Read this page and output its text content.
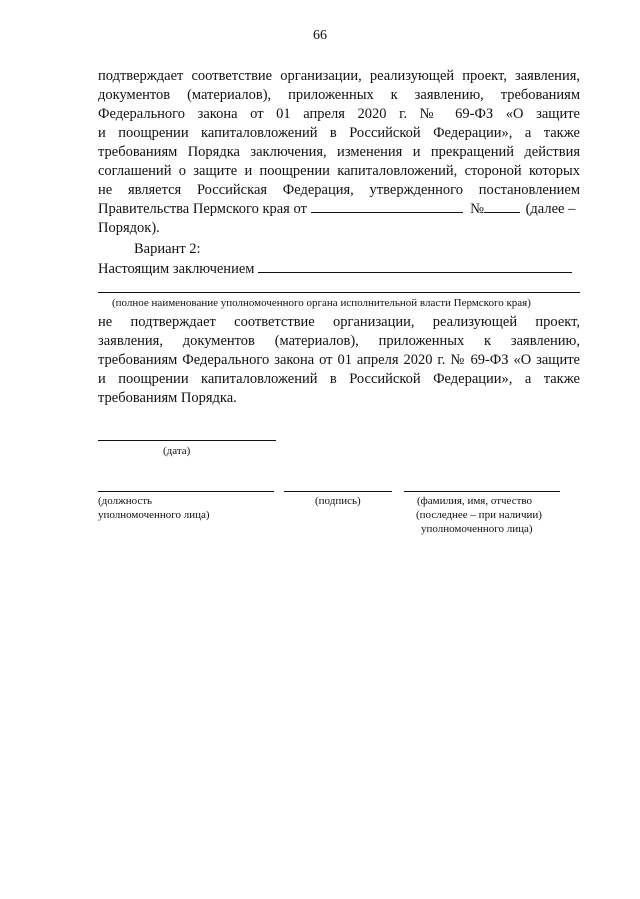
66
подтверждает соответствие организации, реализующей проект, заявления,
документов (материалов), приложенных к заявлению, требованиям
Федерального закона от 01 апреля 2020 г. № 69-ФЗ «О защите
и поощрении капиталовложений в Российской Федерации», а также
требованиям Порядка заключения, изменения и прекращений действия
соглашений о защите и поощрении капиталовложений, стороной которых
не является Российская Федерация, утвержденного постановлением
Правительства Пермского края от	№	(далее –
Порядок).
Вариант 2:
Настоящим заключением
(полное наименование уполномоченного органа исполнительной власти Пермского края)
не подтверждает соответствие организации, реализующей проект,
заявления, документов (материалов), приложенных к заявлению,
требованиям Федерального закона от 01 апреля 2020 г. № 69-ФЗ «О защите
и поощрении капиталовложений в Российской Федерации», а также
требованиям Порядка.
(дата)
(должность
уполномоченного лица)
(подпись)	(фамилия, имя, отчество
(последнее – при наличии)
уполномоченного лица)
